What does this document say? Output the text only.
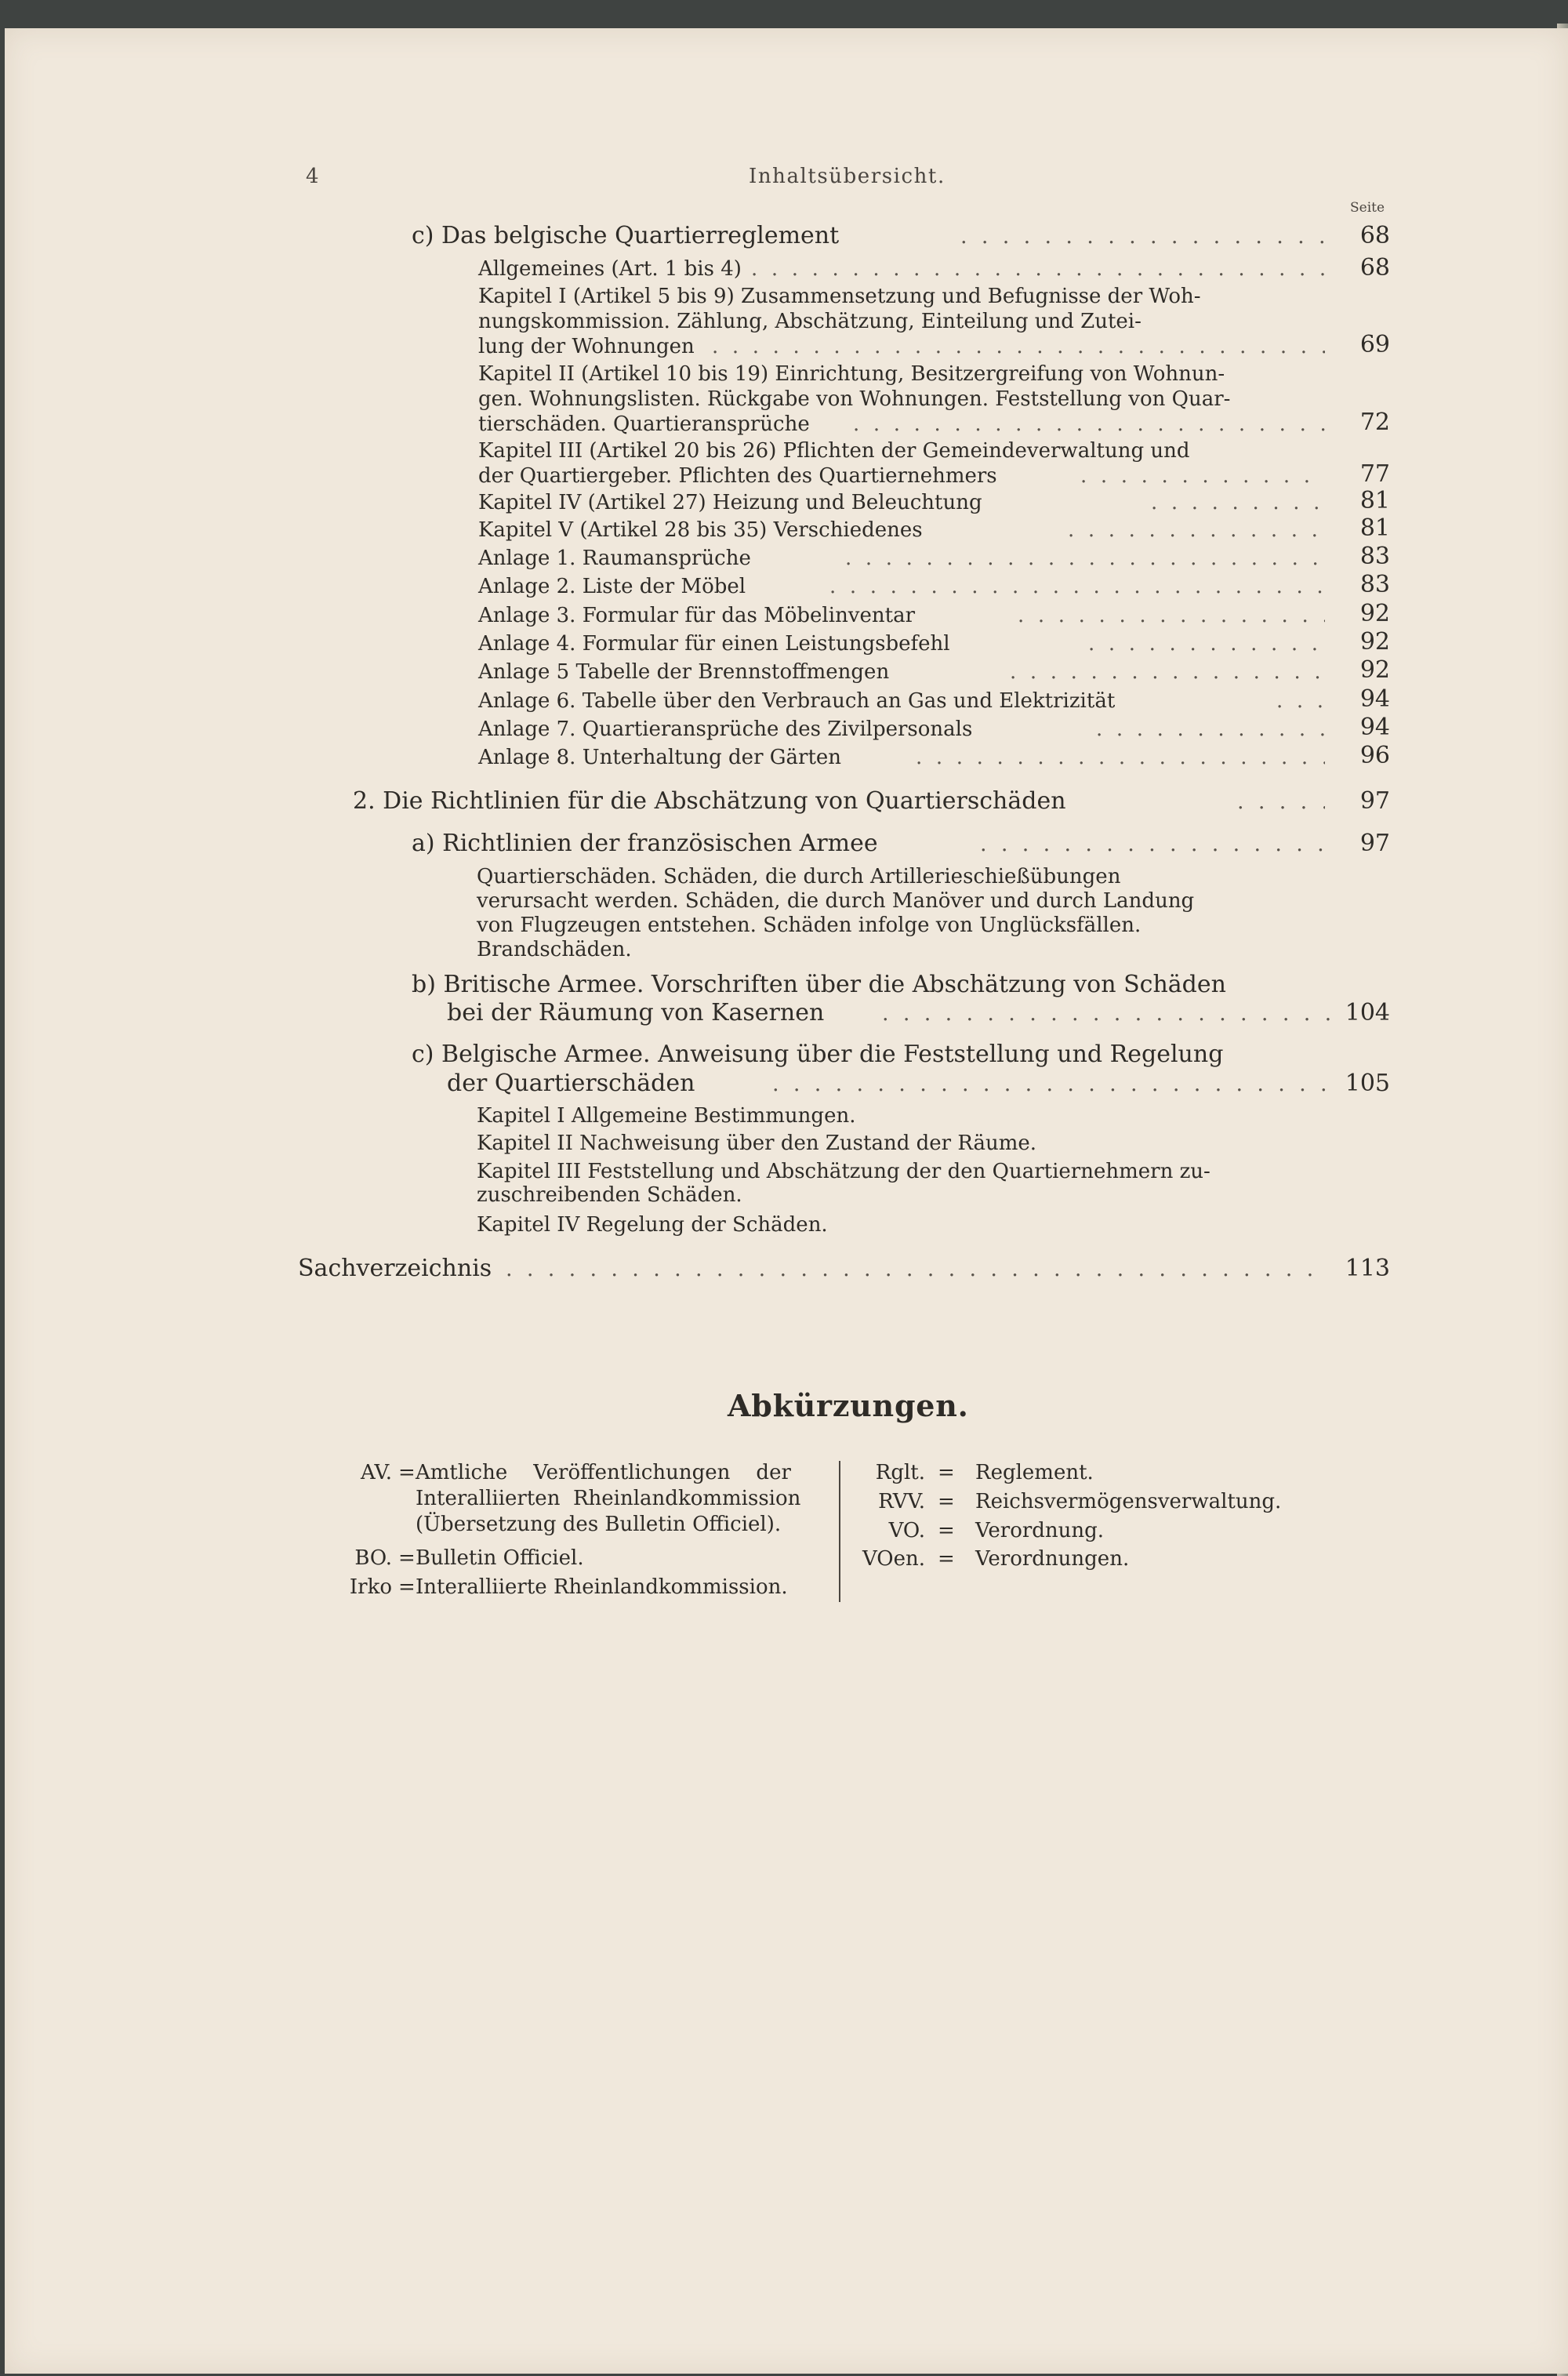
4	Inhaltsübersicht.
Seite
c) Das belgische Quartierreglement . . .	68
Allgemeines (Art. 1 bis 4) . . .	68
Kapitel I (Artikel 5 bis 9) Zusammensetzung und Befugnisse der Woh-
nungskommission. Zählung, Abschätzung, Einteilung und Zutei-
lung der Wohnungen . . .	69
Kapitel II (Artikel 10 bis 19) Einrichtung, Besitzergreifung von Wohnun-
gen. Wohnungslisten. Rückgabe von Wohnungen. Feststellung von Quar-
tierschäden. Quartieransprüche . . .	72
Kapitel III (Artikel 20 bis 26) Pflichten der Gemeindeverwaltung und
der Quartiergeber. Pflichten des Quartiernehmers . . .	77
Kapitel IV (Artikel 27) Heizung und Beleuchtung . . .	81
Kapitel V (Artikel 28 bis 35) Verschiedenes . . .	81
Anlage 1. Raumansprüche . . .	83
Anlage 2. Liste der Möbel . . .	83
Anlage 3. Formular für das Möbelinventar . . .	92
Anlage 4. Formular für einen Leistungsbefehl . . .	92
Anlage 5 Tabelle der Brennstoffmengen . . .	92
Anlage 6. Tabelle über den Verbrauch an Gas und Elektrizität . . .	94
Anlage 7. Quartieransprüche des Zivilpersonals . . .	94
Anlage 8. Unterhaltung der Gärten . . .	96
2. Die Richtlinien für die Abschätzung von Quartierschäden . . .	97
a) Richtlinien der französischen Armee . . .	97
Quartierschäden. Schäden, die durch Artillerieschießübungen
verursacht werden. Schäden, die durch Manöver und durch Landung
von Flugzeugen entstehen. Schäden infolge von Unglücksfällen.
Brandschäden.
b) Britische Armee. Vorschriften über die Abschätzung von Schäden
bei der Räumung von Kasernen . . .	104
c) Belgische Armee. Anweisung über die Feststellung und Regelung
der Quartierschäden . . .	105
Kapitel I Allgemeine Bestimmungen.
Kapitel II Nachweisung über den Zustand der Räume.
Kapitel III Feststellung und Abschätzung der den Quartiernehmern zu-
zuschreibenden Schäden.
Kapitel IV Regelung der Schäden.
Sachverzeichnis . . .	113
Abkürzungen.
AV. = Amtliche    Veröffentlichungen    der
Interalliierten  Rheinlandkommission
(Übersetzung des Bulletin Officiel).
BO. = Bulletin Officiel.
Irko = Interalliierte Rheinlandkommission.
Rglt. = Reglement.
RVV. = Reichsvermögensverwaltung.
VO. = Verordnung.
VOen. = Verordnungen.
